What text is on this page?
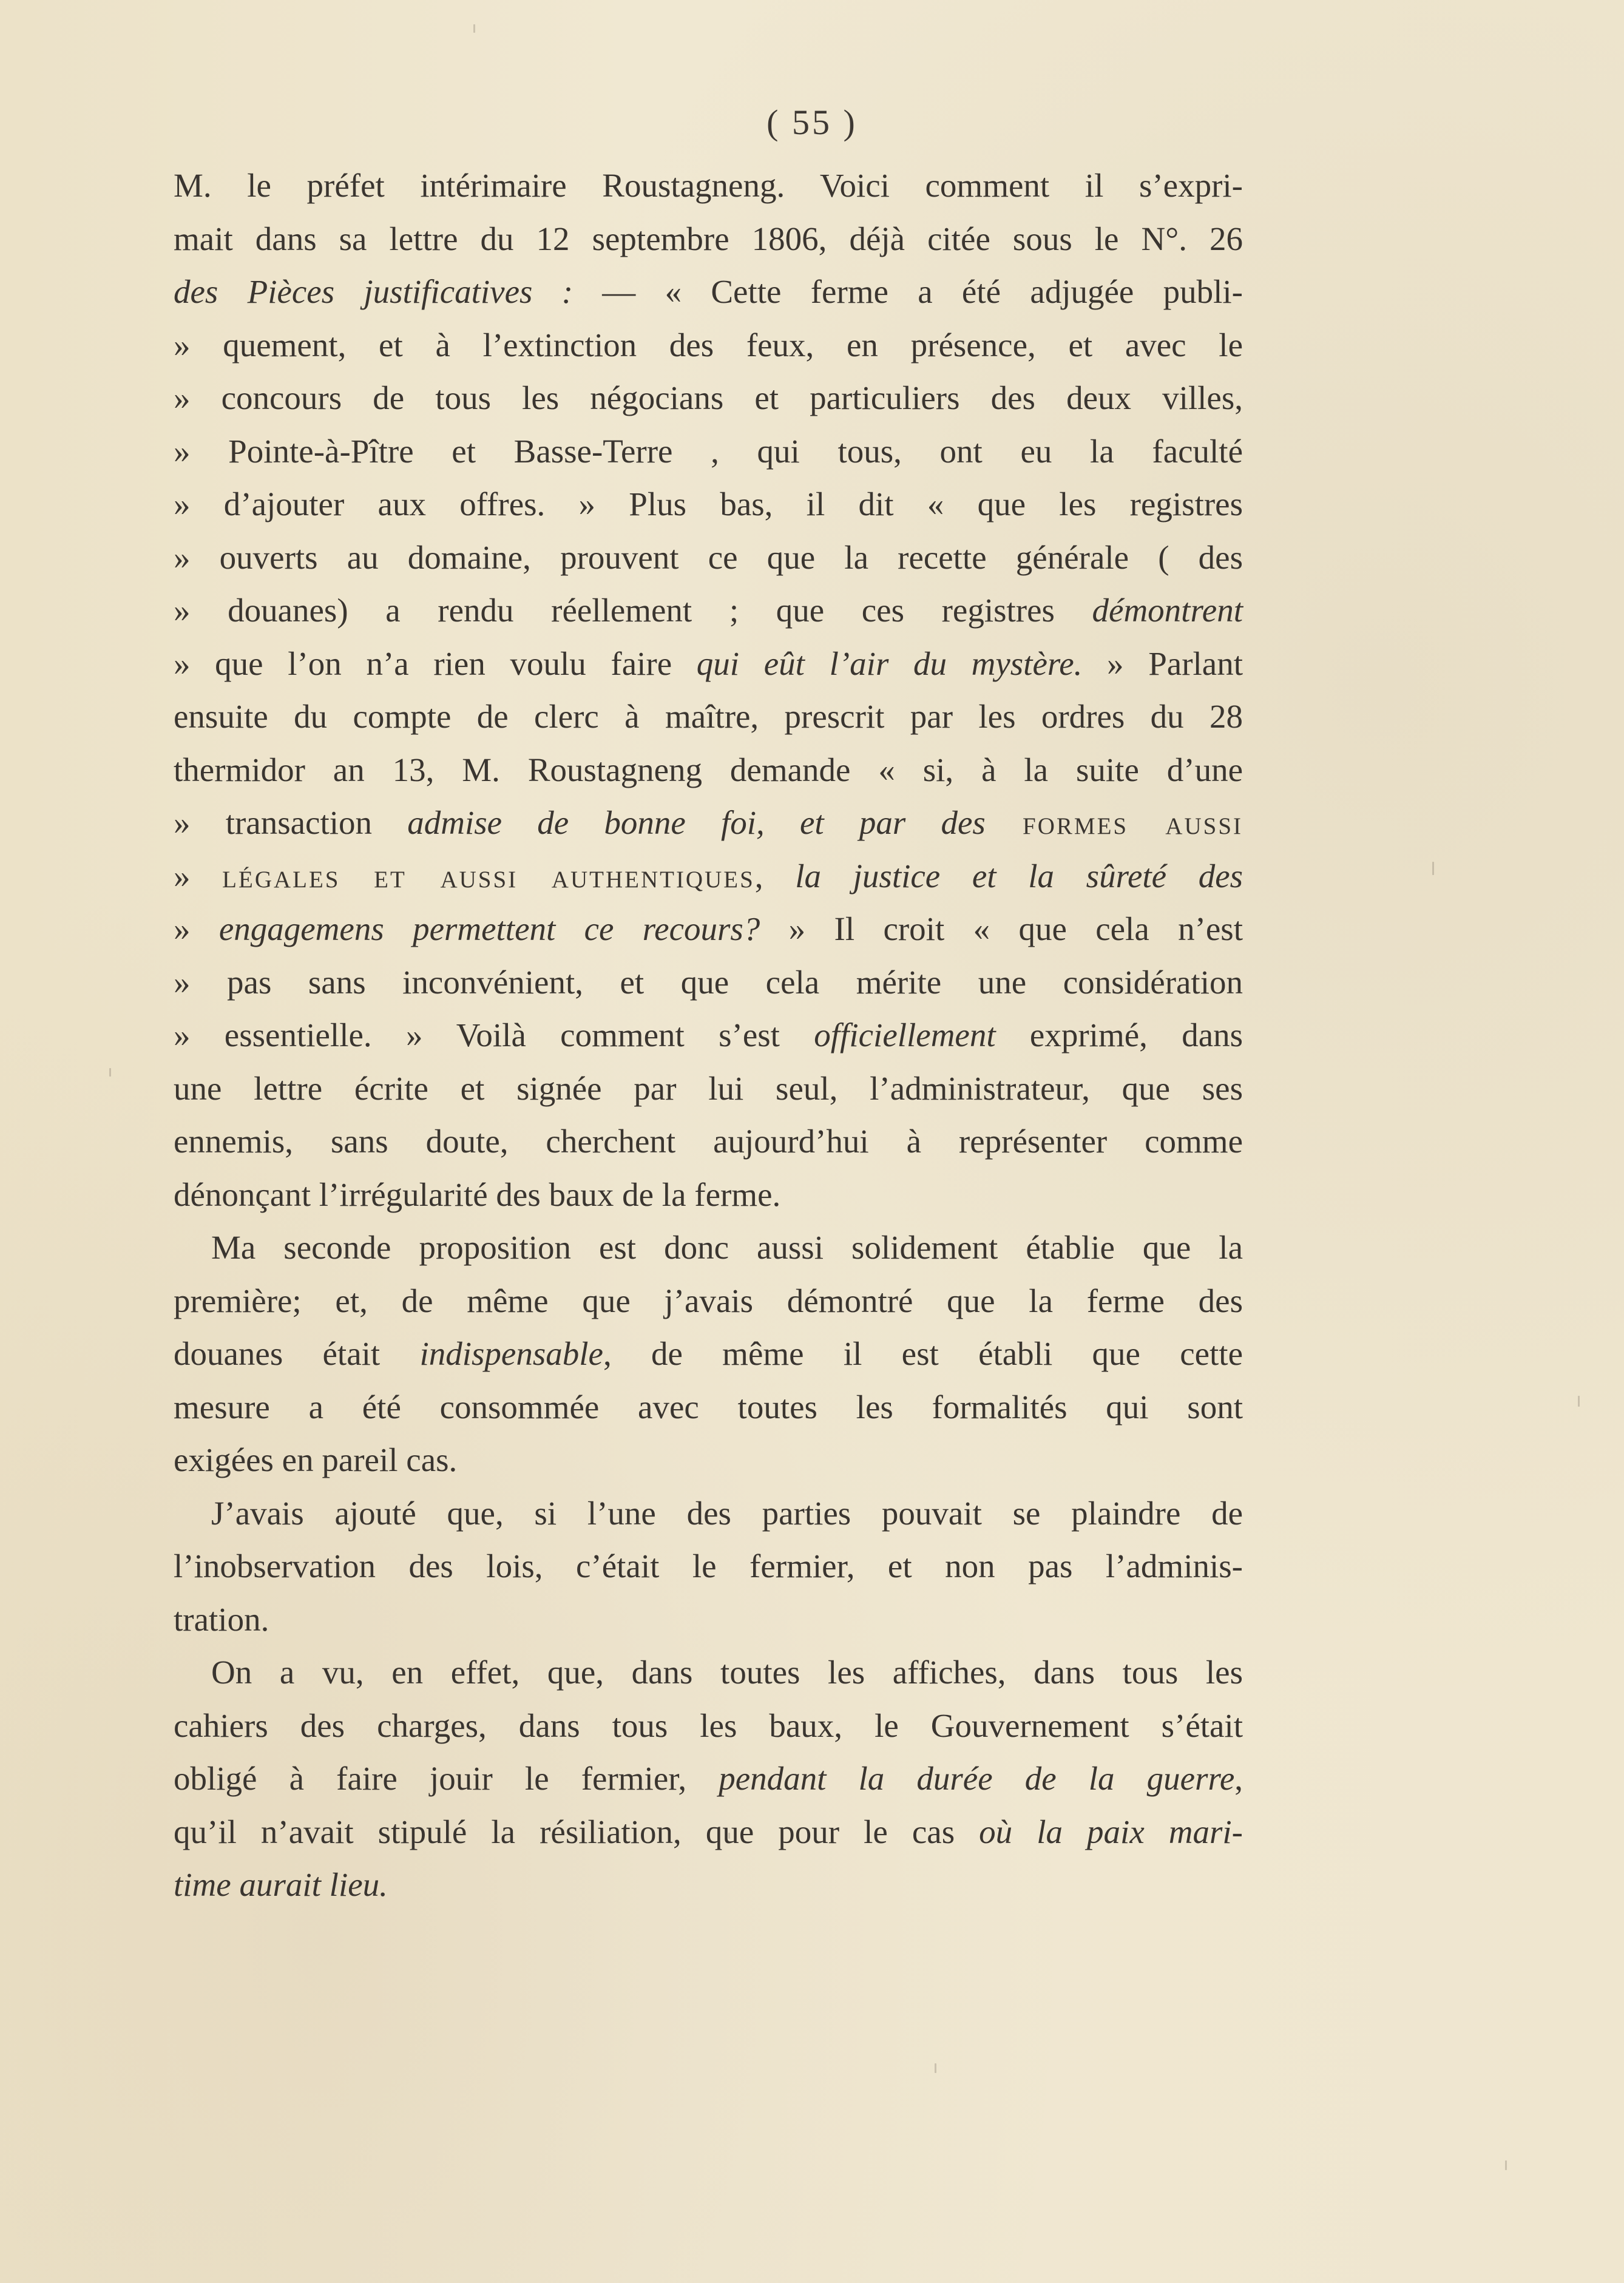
( 55 )
M. le préfet intérimaire Roustagneng. Voici comment il s’expri-
mait dans sa lettre du 12 septembre 1806, déjà citée sous le N°. 26
des Pièces justificatives : — « Cette ferme a été adjugée publi-
» quement, et à l’extinction des feux, en présence, et avec le
» concours de tous les négocians et particuliers des deux villes,
» Pointe-à-Pître et Basse-Terre , qui tous, ont eu la faculté
» d’ajouter aux offres. » Plus bas, il dit « que les registres
» ouverts au domaine, prouvent ce que la recette générale ( des
» douanes) a rendu réellement ; que ces registres démontrent
» que l’on n’a rien voulu faire qui eût l’air du mystère. » Parlant
ensuite du compte de clerc à maître, prescrit par les ordres du 28
thermidor an 13, M. Roustagneng demande « si, à la suite d’une
» transaction admise de bonne foi, et par des formes aussi
» légales et aussi authentiques, la justice et la sûreté des
» engagemens permettent ce recours? » Il croit « que cela n’est
» pas sans inconvénient, et que cela mérite une considération
» essentielle. » Voilà comment s’est officiellement exprimé, dans
une lettre écrite et signée par lui seul, l’administrateur, que ses
ennemis, sans doute, cherchent aujourd’hui à représenter comme
dénonçant l’irrégularité des baux de la ferme.
Ma seconde proposition est donc aussi solidement établie que la
première; et, de même que j’avais démontré que la ferme des
douanes était indispensable, de même il est établi que cette
mesure a été consommée avec toutes les formalités qui sont
exigées en pareil cas.
J’avais ajouté que, si l’une des parties pouvait se plaindre de
l’inobservation des lois, c’était le fermier, et non pas l’adminis-
tration.
On a vu, en effet, que, dans toutes les affiches, dans tous les
cahiers des charges, dans tous les baux, le Gouvernement s’était
obligé à faire jouir le fermier, pendant la durée de la guerre,
qu’il n’avait stipulé la résiliation, que pour le cas où la paix mari-
time aurait lieu.
